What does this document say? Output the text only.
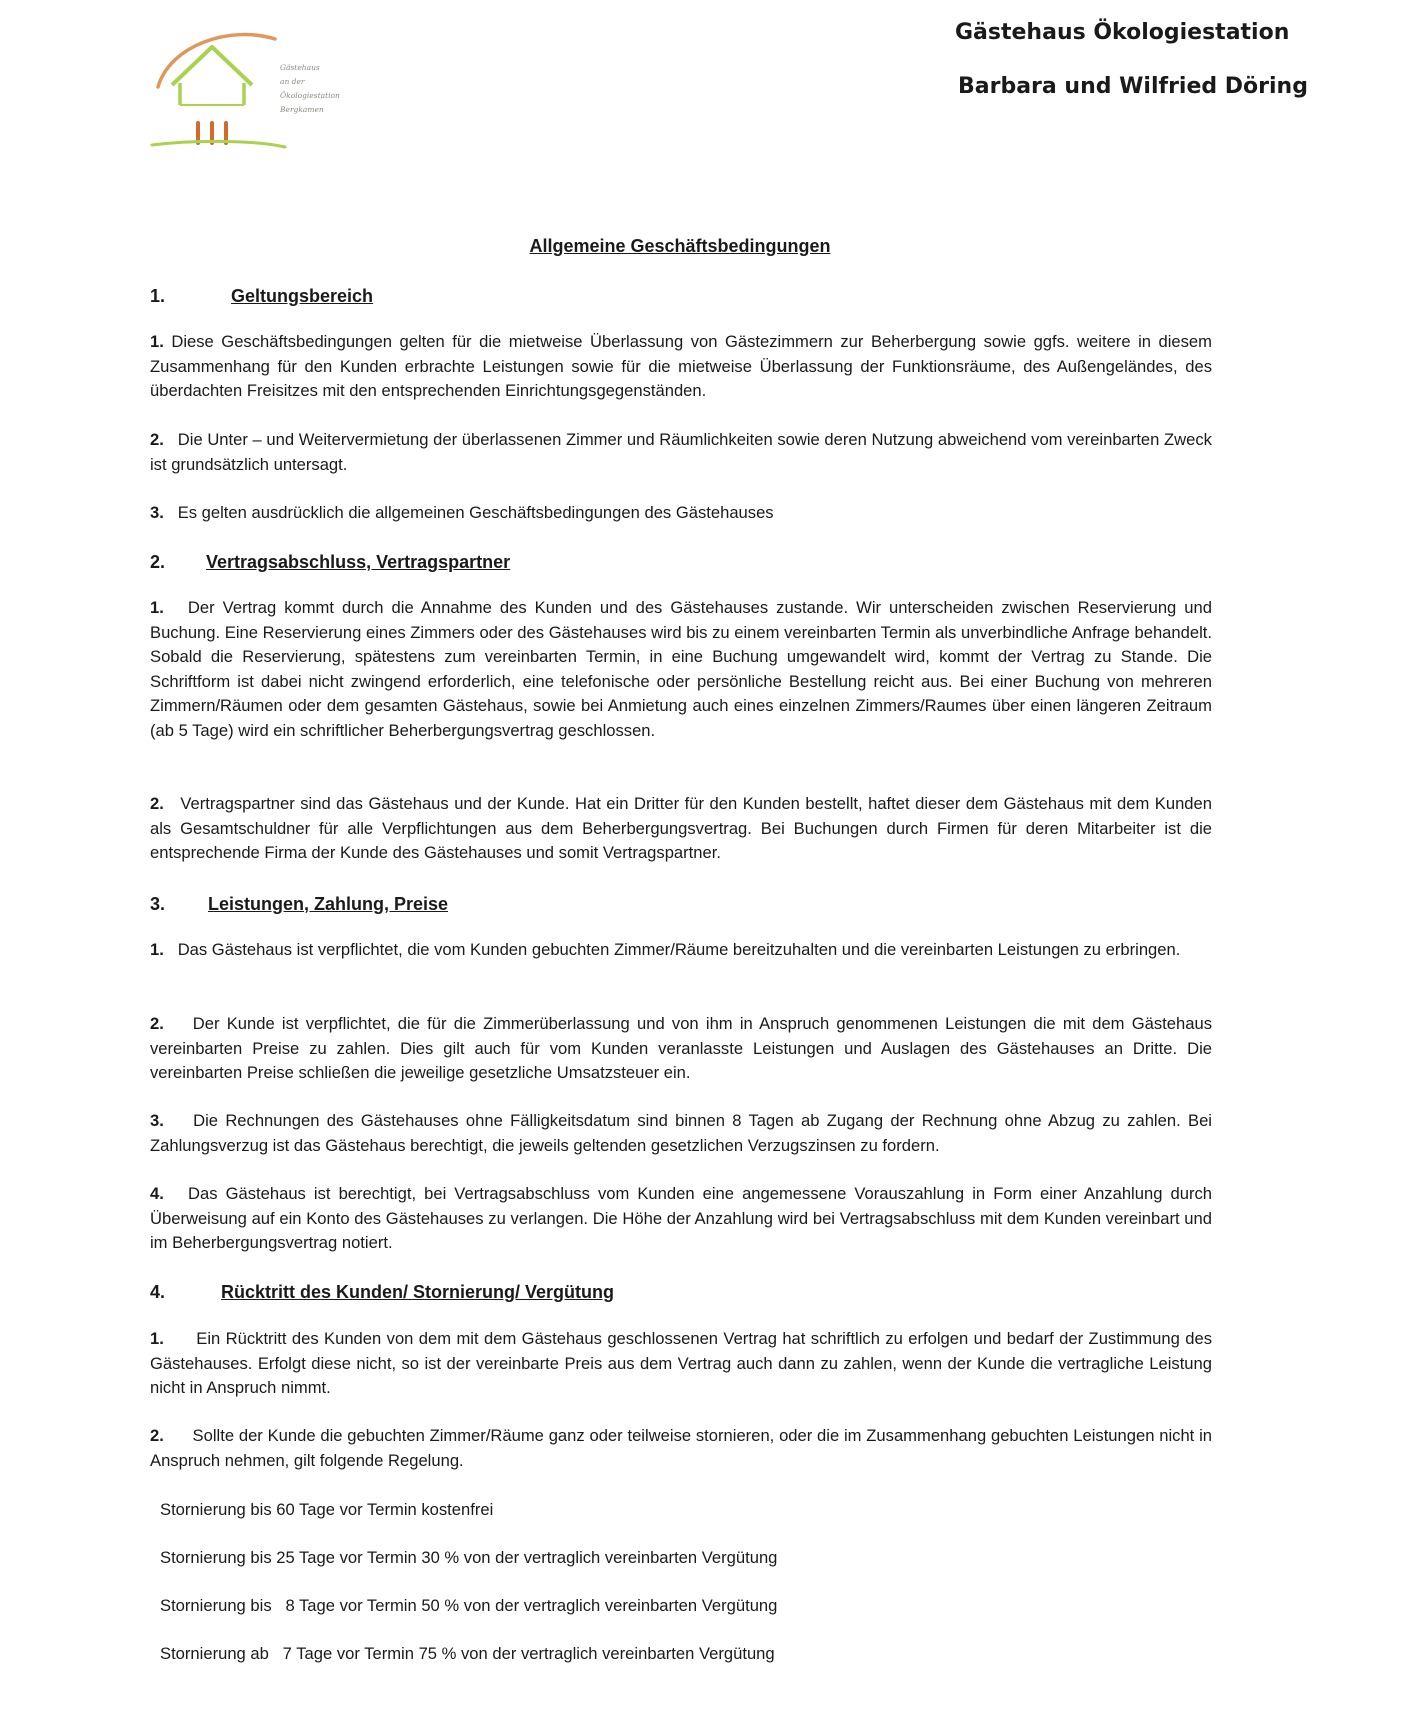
Gästehaus
an der
Ökologiestation
Bergkamen
Gästehaus Ökologiestation
Barbara und Wilfried Döring
Allgemeine Geschäftsbedingungen
1.	Geltungsbereich
1. Diese Geschäftsbedingungen gelten für die mietweise Überlassung von Gästezimmern zur Beherbergung sowie ggfs. weitere in diesem Zusammenhang für den Kunden erbrachte Leistungen sowie für die mietweise Überlassung der Funktionsräume, des Außengeländes, des überdachten Freisitzes mit den entsprechenden Einrichtungsgegenständen.
2. Die Unter – und Weitervermietung der überlassenen Zimmer und Räumlichkeiten sowie deren Nutzung abweichend vom vereinbarten Zweck ist grundsätzlich untersagt.
3. Es gelten ausdrücklich die allgemeinen Geschäftsbedingungen des Gästehauses
2. Vertragsabschluss, Vertragspartner
1. Der Vertrag kommt durch die Annahme des Kunden und des Gästehauses zustande. Wir unterscheiden zwischen Reservierung und Buchung. Eine Reservierung eines Zimmers oder des Gästehauses wird bis zu einem vereinbarten Termin als unverbindliche Anfrage behandelt. Sobald die Reservierung, spätestens zum vereinbarten Termin, in eine Buchung umgewandelt wird, kommt der Vertrag zu Stande. Die Schriftform ist dabei nicht zwingend erforderlich, eine telefonische oder persönliche Bestellung reicht aus. Bei einer Buchung von mehreren Zimmern/Räumen oder dem gesamten Gästehaus, sowie bei Anmietung auch eines einzelnen Zimmers/Raumes über einen längeren Zeitraum (ab 5 Tage) wird ein schriftlicher Beherbergungsvertrag geschlossen.
2. Vertragspartner sind das Gästehaus und der Kunde. Hat ein Dritter für den Kunden bestellt, haftet dieser dem Gästehaus mit dem Kunden als Gesamtschuldner für alle Verpflichtungen aus dem Beherbergungsvertrag. Bei Buchungen durch Firmen für deren Mitarbeiter ist die entsprechende Firma der Kunde des Gästehauses und somit Vertragspartner.
3. Leistungen, Zahlung, Preise
1. Das Gästehaus ist verpflichtet, die vom Kunden gebuchten Zimmer/Räume bereitzuhalten und die vereinbarten Leistungen zu erbringen.
2. Der Kunde ist verpflichtet, die für die Zimmerüberlassung und von ihm in Anspruch genommenen Leistungen die mit dem Gästehaus vereinbarten Preise zu zahlen. Dies gilt auch für vom Kunden veranlasste Leistungen und Auslagen des Gästehauses an Dritte. Die vereinbarten Preise schließen die jeweilige gesetzliche Umsatzsteuer ein.
3. Die Rechnungen des Gästehauses ohne Fälligkeitsdatum sind binnen 8 Tagen ab Zugang der Rechnung ohne Abzug zu zahlen. Bei Zahlungsverzug ist das Gästehaus berechtigt, die jeweils geltenden gesetzlichen Verzugszinsen zu fordern.
4. Das Gästehaus ist berechtigt, bei Vertragsabschluss vom Kunden eine angemessene Vorauszahlung in Form einer Anzahlung durch Überweisung auf ein Konto des Gästehauses zu verlangen. Die Höhe der Anzahlung wird bei Vertragsabschluss mit dem Kunden vereinbart und im Beherbergungsvertrag notiert.
4.	Rücktritt des Kunden/ Stornierung/ Vergütung
1. Ein Rücktritt des Kunden von dem mit dem Gästehaus geschlossenen Vertrag hat schriftlich zu erfolgen und bedarf der Zustimmung des Gästehauses. Erfolgt diese nicht, so ist der vereinbarte Preis aus dem Vertrag auch dann zu zahlen, wenn der Kunde die vertragliche Leistung nicht in Anspruch nimmt.
2. Sollte der Kunde die gebuchten Zimmer/Räume ganz oder teilweise stornieren, oder die im Zusammenhang gebuchten Leistungen nicht in Anspruch nehmen, gilt folgende Regelung.
Stornierung bis 60 Tage vor Termin kostenfrei
Stornierung bis 25 Tage vor Termin 30 % von der vertraglich vereinbarten Vergütung
Stornierung bis   8 Tage vor Termin 50 % von der vertraglich vereinbarten Vergütung
Stornierung ab   7 Tage vor Termin 75 % von der vertraglich vereinbarten Vergütung
